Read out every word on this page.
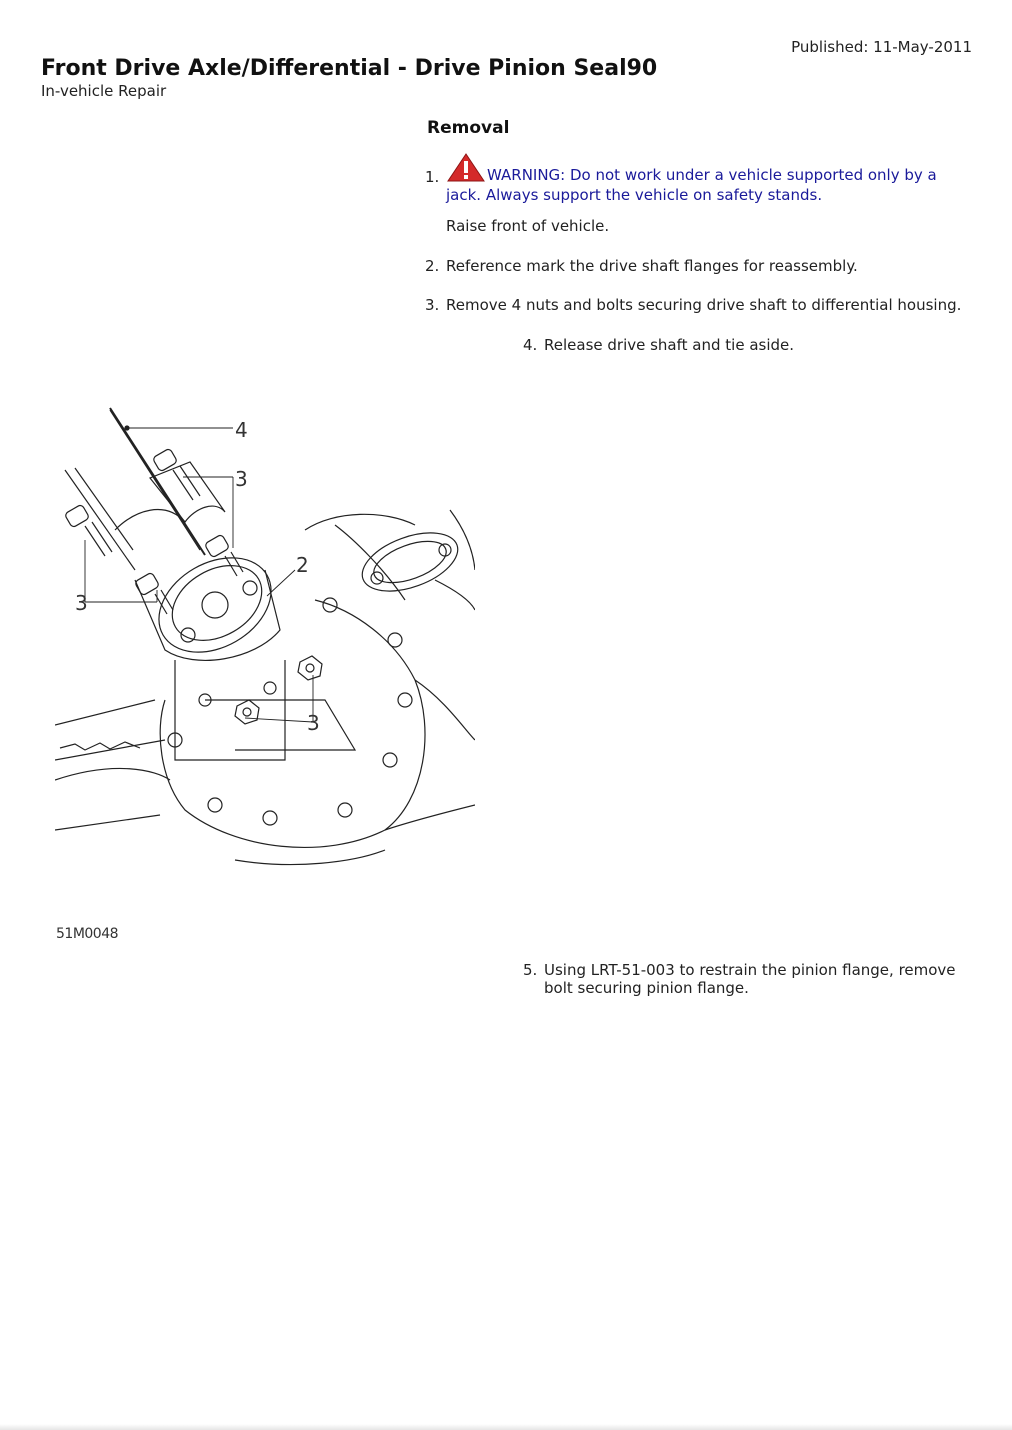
Published: 11-May-2011
Front Drive Axle/Differential - Drive Pinion Seal90
In-vehicle Repair
Removal
1.	WARNING: Do not work under a vehicle supported only by a
jack. Always support the vehicle on safety stands.
Raise front of vehicle.
2. Reference mark the drive shaft flanges for reassembly.
3. Remove 4 nuts and bolts securing drive shaft to differential housing.
4. Release drive shaft and tie aside.
4
3
2
3
3
51M0048
5. Using LRT-51-003 to restrain the pinion flange, remove
bolt securing pinion flange.
